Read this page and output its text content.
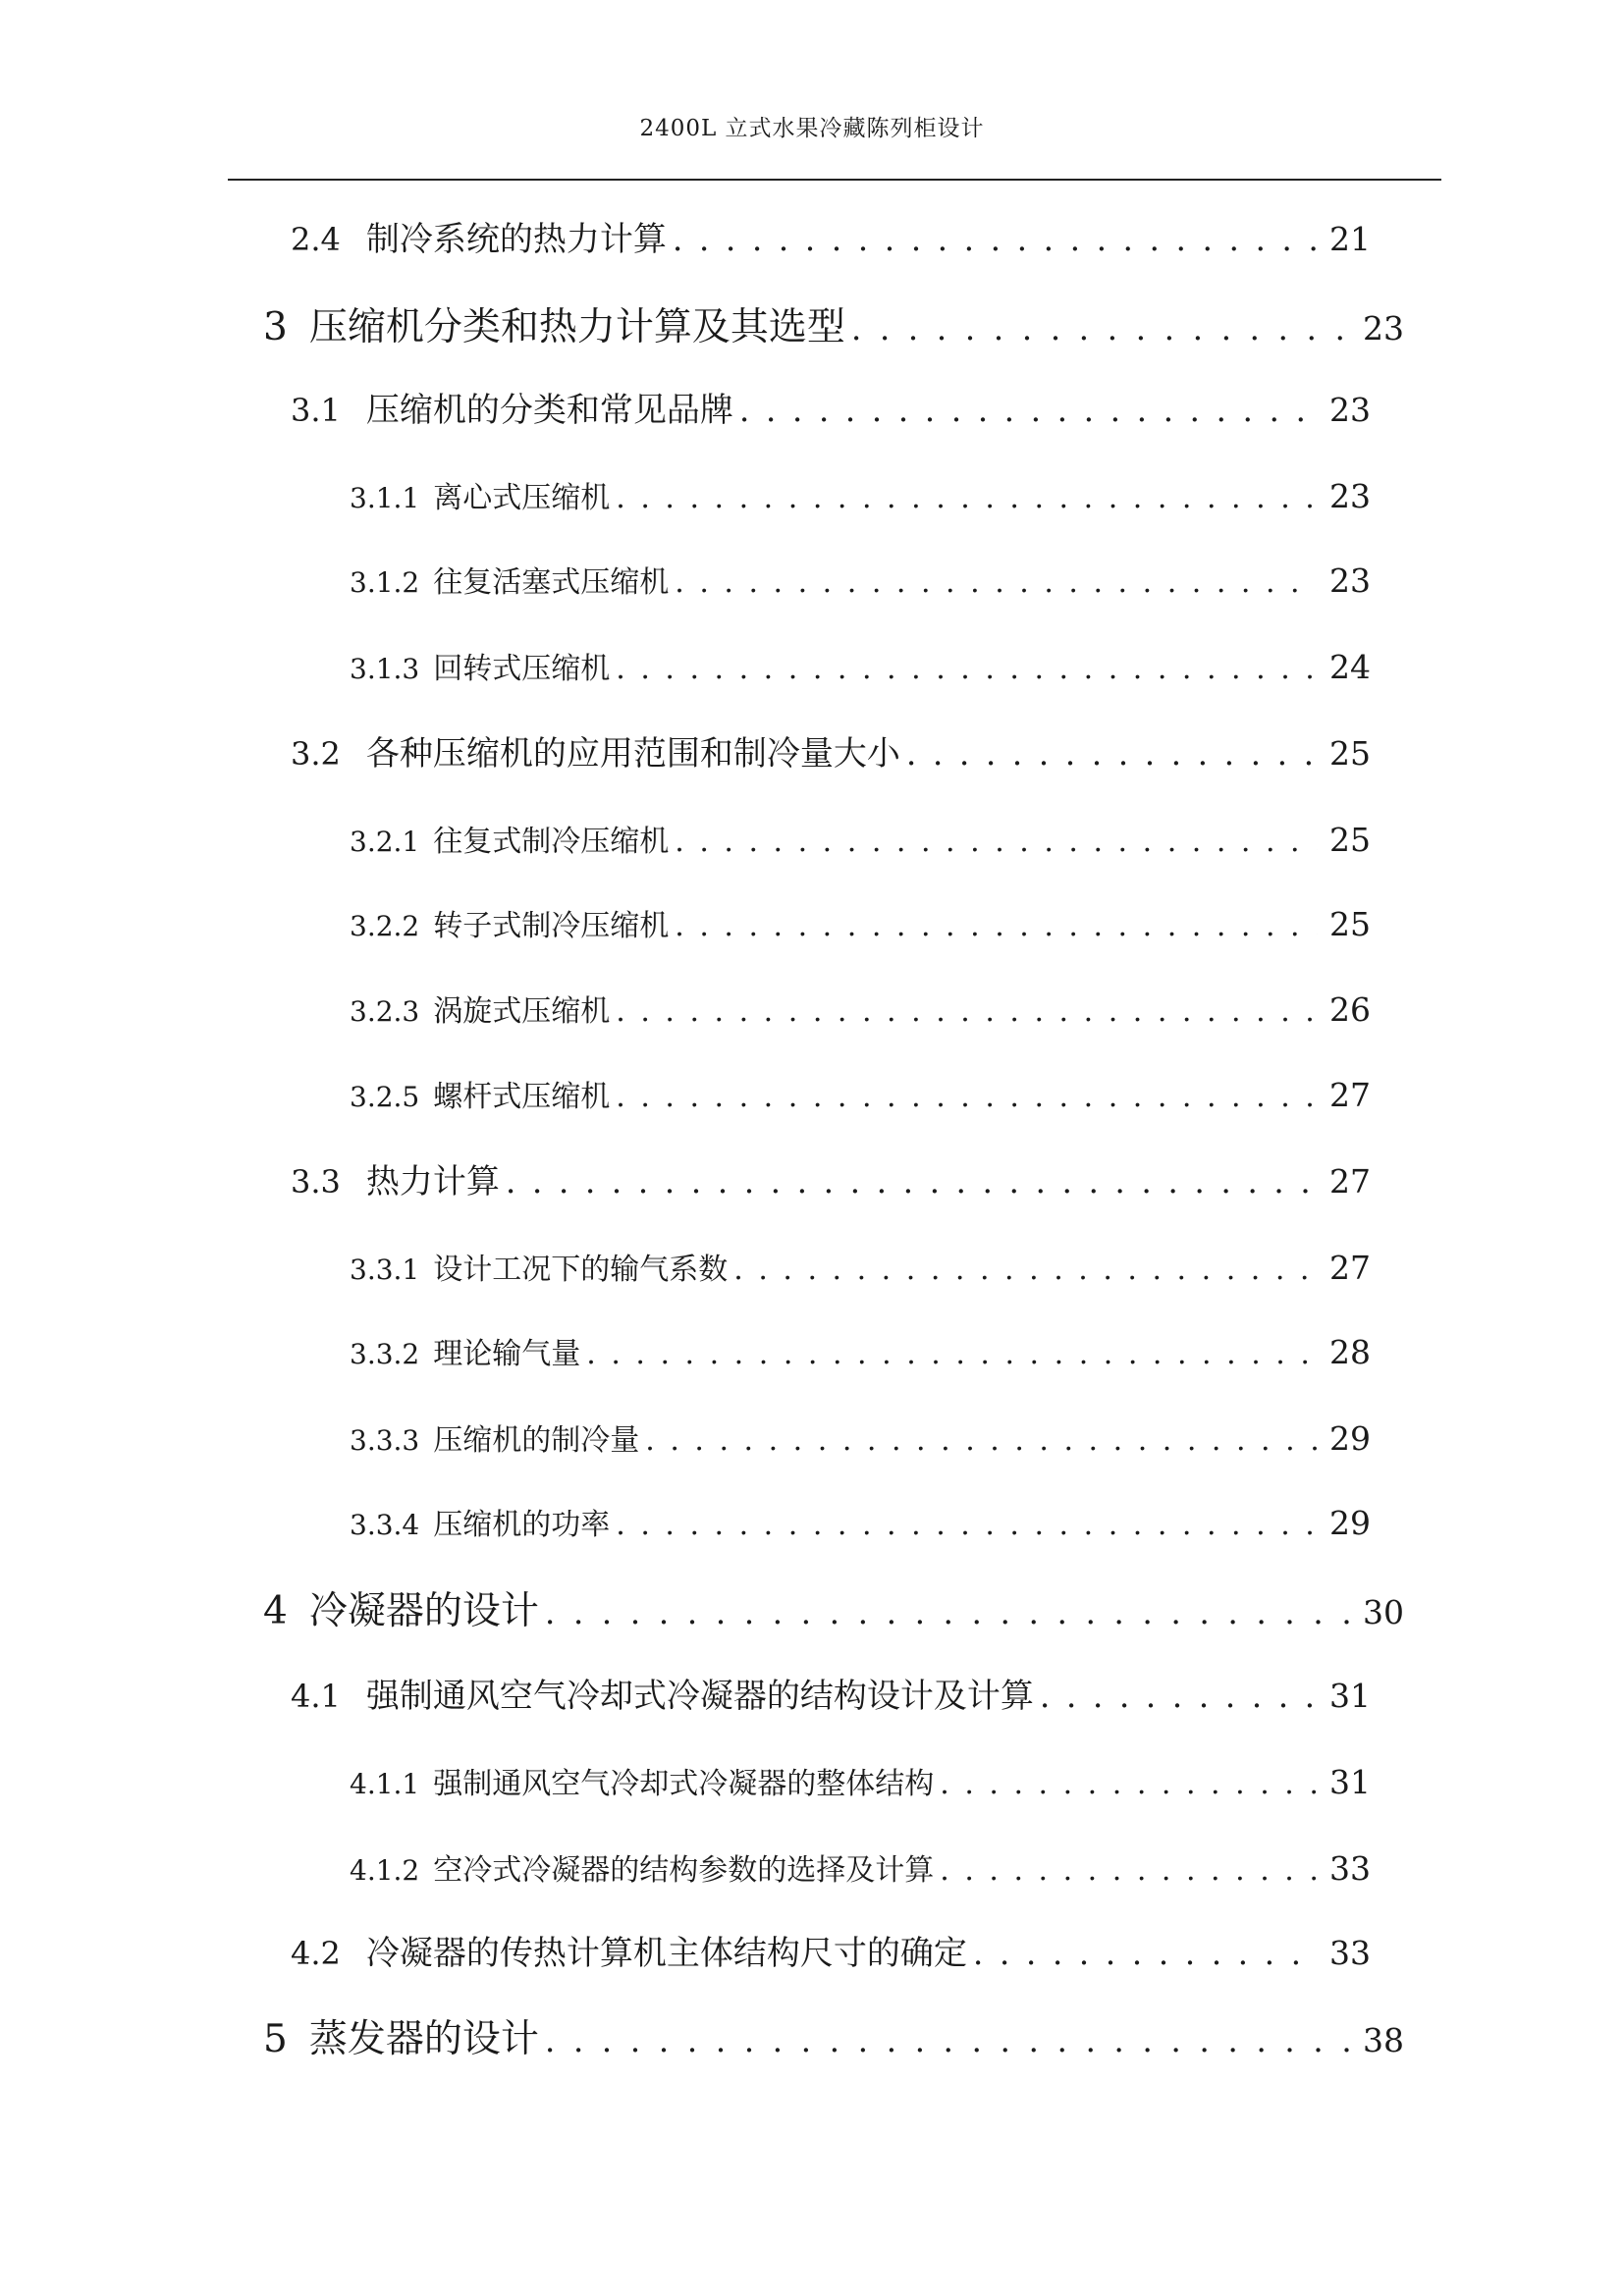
2400L 立式水果冷藏陈列柜设计
2.4 制冷系统的热力计算 . . .	21
3 压缩机分类和热力计算及其选型 . . .	23
3.1 压缩机的分类和常见品牌 . . .	23
3.1.1 离心式压缩机 . . .	23
3.1.2 往复活塞式压缩机 . . .	23
3.1.3 回转式压缩机 . . .	24
3.2 各种压缩机的应用范围和制冷量大小 . . .	25
3.2.1 往复式制冷压缩机 . . .	25
3.2.2 转子式制冷压缩机 . . .	25
3.2.3 涡旋式压缩机 . . .	26
3.2.5 螺杆式压缩机 . . .	27
3.3 热力计算 . . .	27
3.3.1 设计工况下的输气系数 . . .	27
3.3.2 理论输气量 . . .	28
3.3.3 压缩机的制冷量 . . .	29
3.3.4 压缩机的功率 . . .	29
4 冷凝器的设计 . . .	30
4.1 强制通风空气冷却式冷凝器的结构设计及计算 . . .	31
4.1.1 强制通风空气冷却式冷凝器的整体结构 . . .	31
4.1.2 空冷式冷凝器的结构参数的选择及计算 . . .	33
4.2 冷凝器的传热计算机主体结构尺寸的确定 . . .	33
5 蒸发器的设计 . . .	38
